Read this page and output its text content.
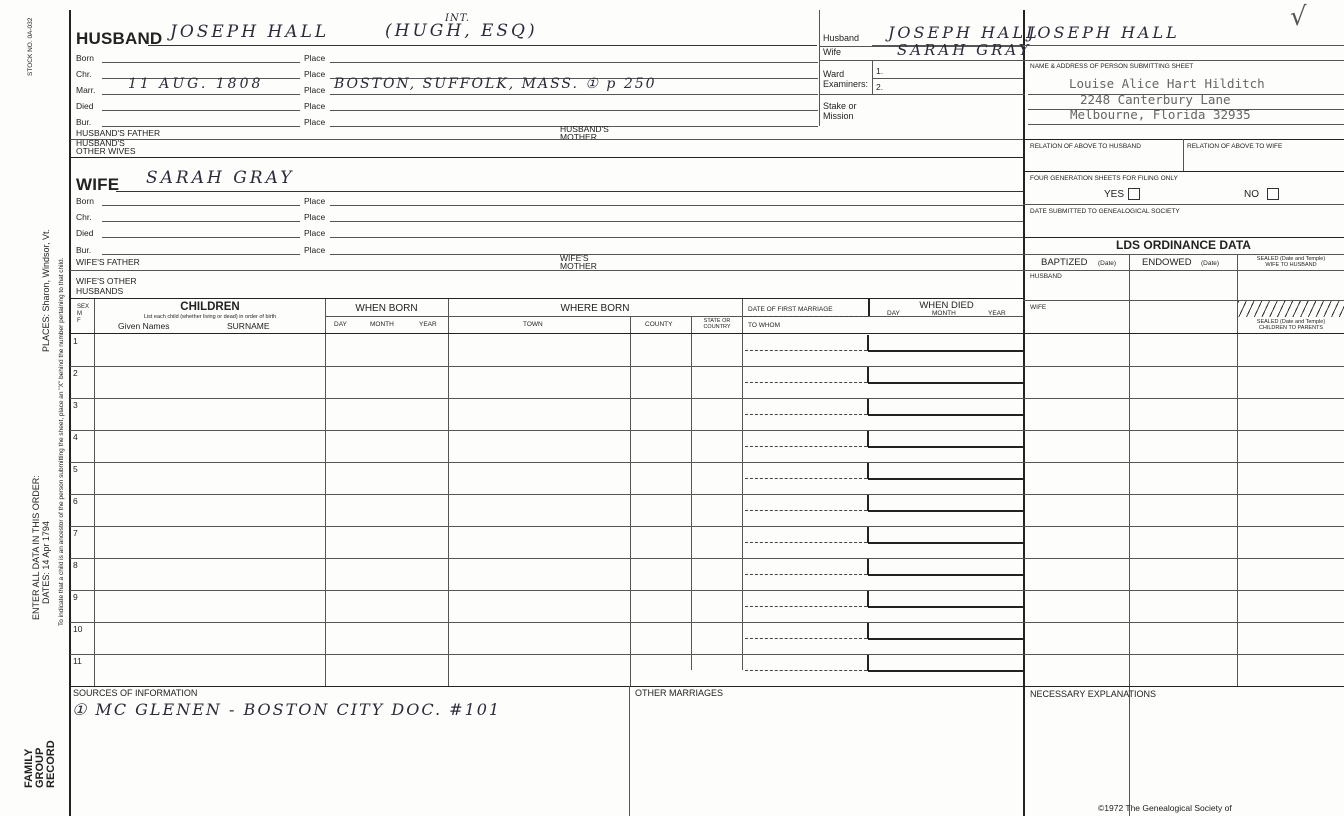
STOCK NO. 0A-032
PLACES: Sharon, Windsor, Vt.
ENTER ALL DATA IN THIS ORDER: DATES: 14 Apr 1794 To indicate that a child is an ancestor of the person submitting the sheet, place an "X" behind the number pertaining to that child.
FAMILY GROUP RECORD
HUSBAND JOSEPH HALL	(HUGH, ESQ)
INT.
Born	Place
Chr.	Place
Marr. 11 AUG. 1808	Place BOSTON, SUFFOLK, MASS. ① p 250
Died	Place
Bur.	Place
HUSBAND'S FATHER	HUSBAND'S
MOTHER
HUSBAND'S
OTHER WIVES
WIFE SARAH GRAY
Born	Place
Chr.	Place
Died	Place
Bur.	Place
WIFE'S FATHER	WIFE'S
MOTHER
WIFE'S OTHER
HUSBANDS
Husband JOSEPH HALL
Wife	SARAH GRAY
Ward
Examiners:
1.
2.
Stake or
Mission
JOSEPH HALL
√
NAME & ADDRESS OF PERSON SUBMITTING SHEET
Louise Alice Hart Hilditch
2248 Canterbury Lane
Melbourne, Florida 32935
RELATION OF ABOVE TO HUSBAND	RELATION OF ABOVE TO WIFE
FOUR GENERATION SHEETS FOR FILING ONLY
YES	NO
DATE SUBMITTED TO GENEALOGICAL SOCIETY
LDS ORDINANCE DATA
BAPTIZED (Date)	ENDOWED (Date)
SEALED (Date and Temple)
WIFE TO HUSBAND
HUSBAND
WIFE
SEALED (Date and Temple)
CHILDREN TO PARENTS
SEX
M
F
CHILDREN
List each child (whether living or dead) in order of birth
Given Names	SURNAME
WHEN BORN
DAY	MONTH	YEAR
WHERE BORN
TOWN	COUNTY	STATE OR
COUNTRY
DATE OF FIRST MARRIAGE
TO WHOM
WHEN DIED
DAY	MONTH	YEAR
1
2
3
4
5
6
7
8
9
10
11
SOURCES OF INFORMATION
① MC GLENEN - BOSTON CITY DOC. #101
OTHER MARRIAGES	NECESSARY EXPLANATIONS
©1972 The Genealogical Society of
